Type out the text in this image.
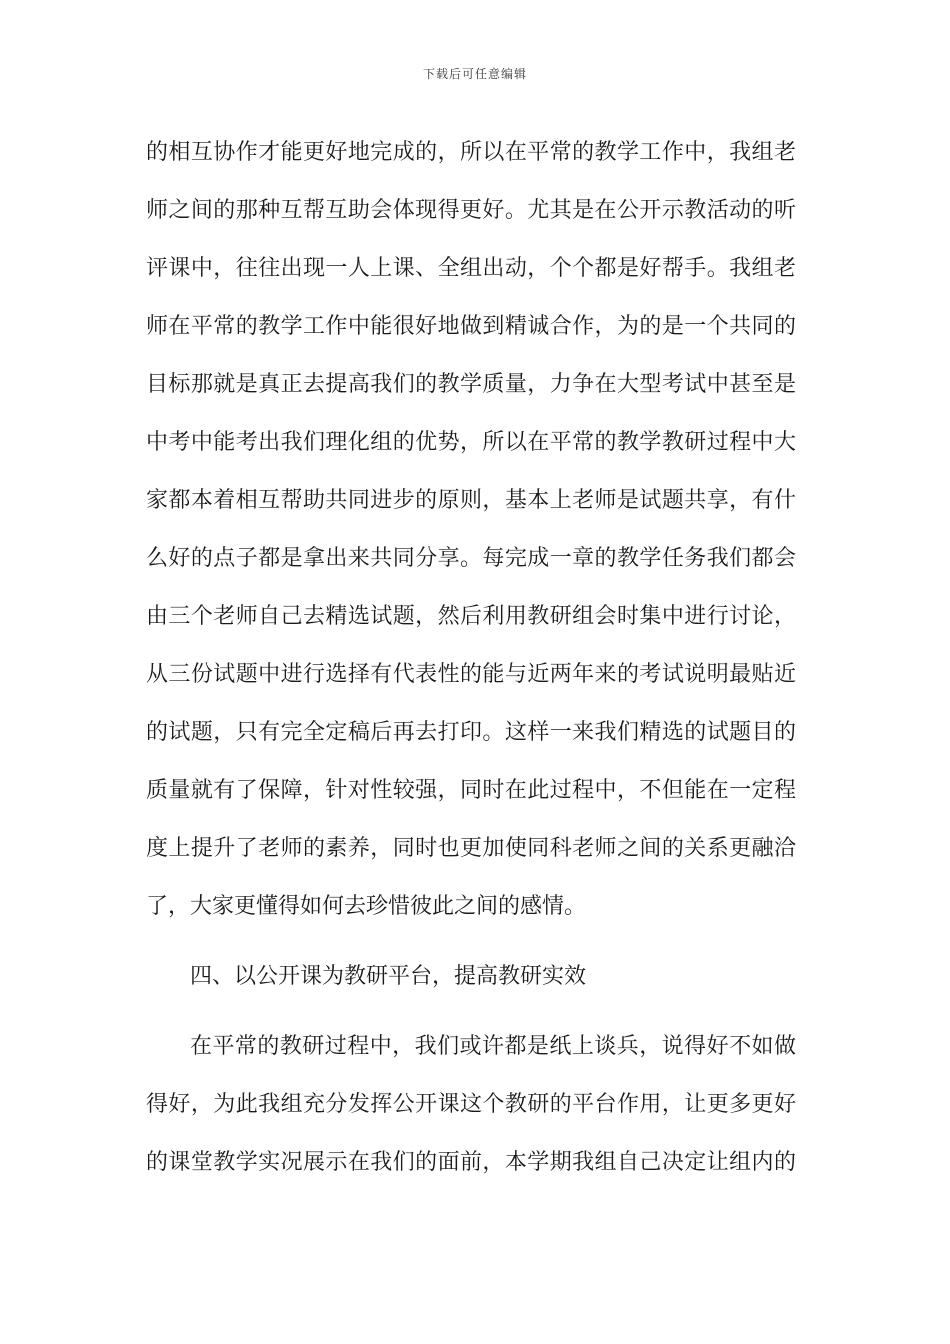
下载后可任意编辑
的相互协作才能更好地完成的，所以在平常的教学工作中，我组老
师之间的那种互帮互助会体现得更好。尤其是在公开示教活动的听
评课中，往往出现一人上课、全组出动，个个都是好帮手。我组老
师在平常的教学工作中能很好地做到精诚合作，为的是一个共同的
目标那就是真正去提高我们的教学质量，力争在大型考试中甚至是
中考中能考出我们理化组的优势，所以在平常的教学教研过程中大
家都本着相互帮助共同进步的原则，基本上老师是试题共享，有什
么好的点子都是拿出来共同分享。每完成一章的教学任务我们都会
由三个老师自己去精选试题，然后利用教研组会时集中进行讨论，
从三份试题中进行选择有代表性的能与近两年来的考试说明最贴近
的试题，只有完全定稿后再去打印。这样一来我们精选的试题目的
质量就有了保障，针对性较强，同时在此过程中，不但能在一定程
度上提升了老师的素养，同时也更加使同科老师之间的关系更融洽
了，大家更懂得如何去珍惜彼此之间的感情。
四、以公开课为教研平台，提高教研实效
在平常的教研过程中，我们或许都是纸上谈兵，说得好不如做
得好，为此我组充分发挥公开课这个教研的平台作用，让更多更好
的课堂教学实况展示在我们的面前，本学期我组自己决定让组内的
